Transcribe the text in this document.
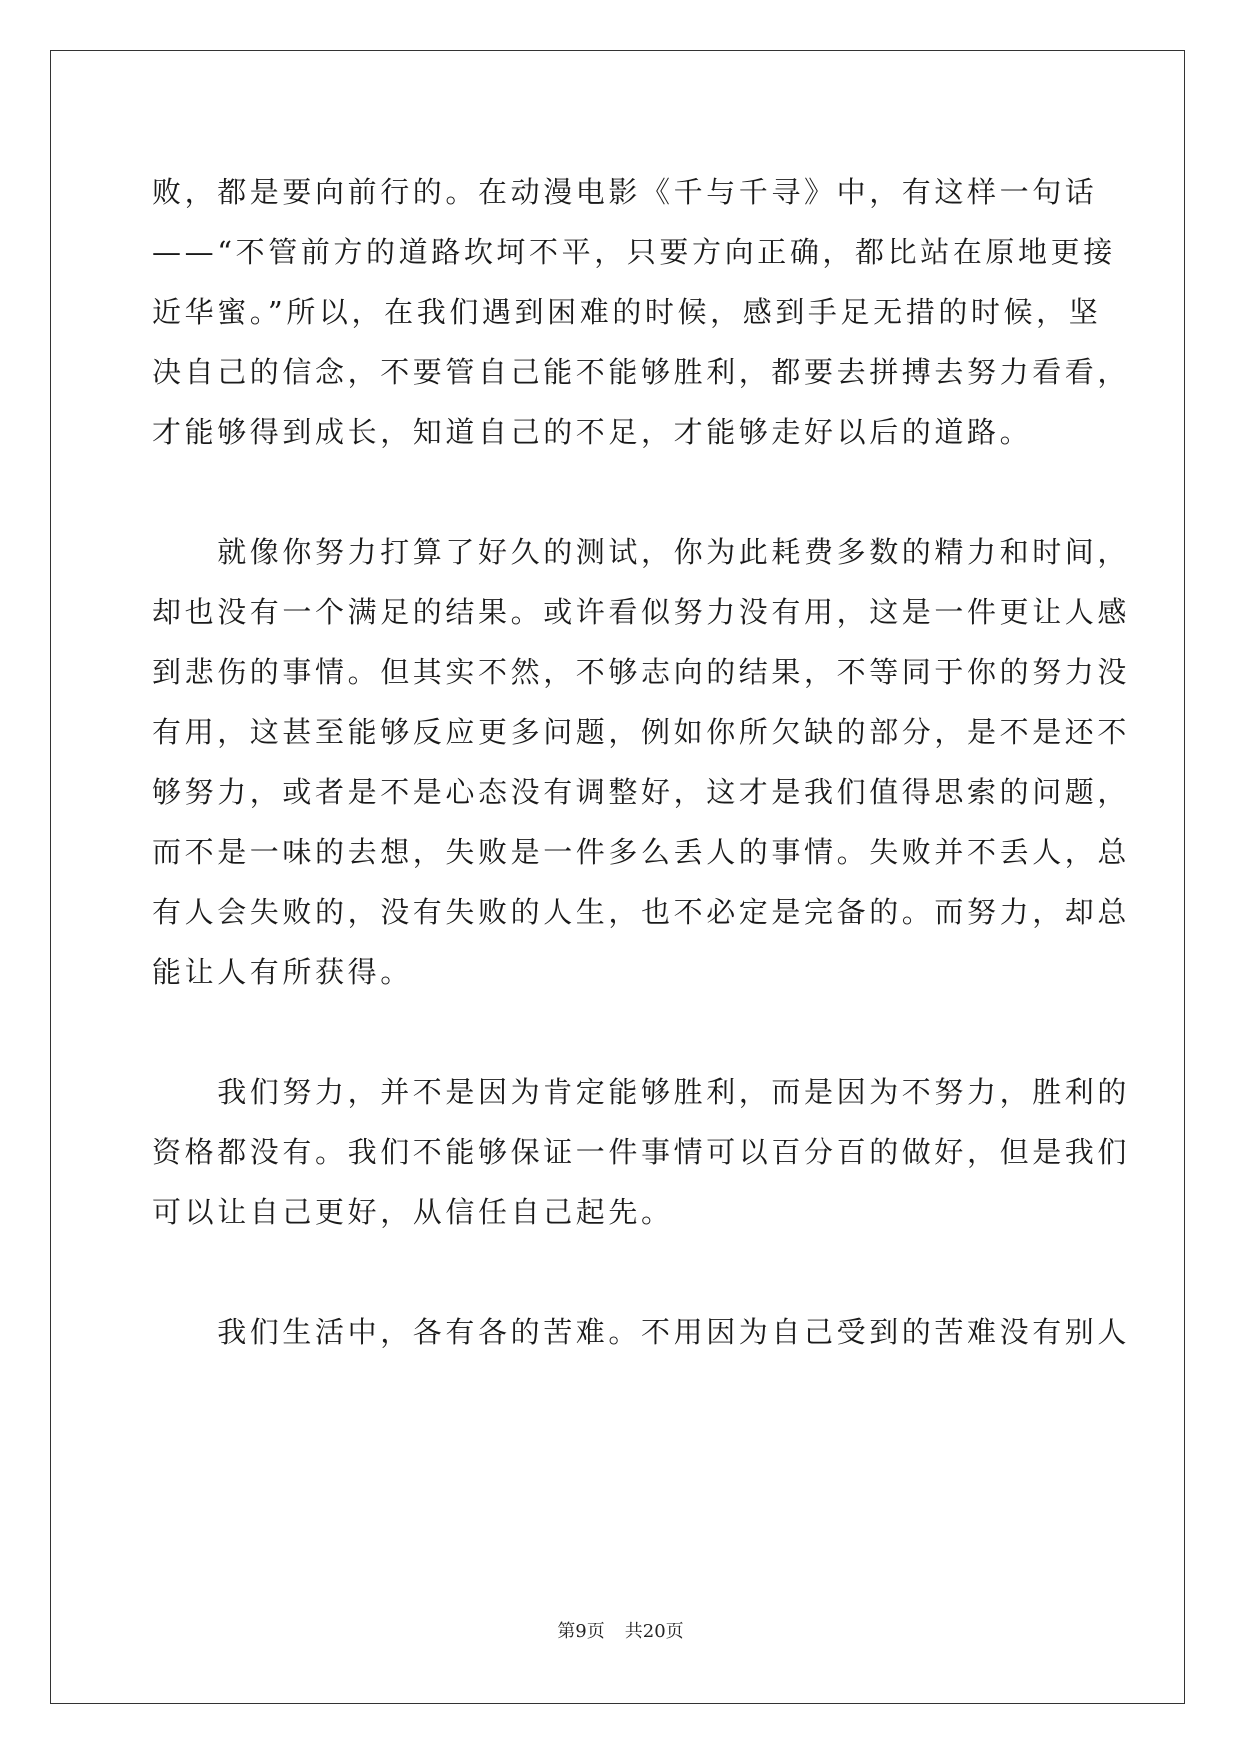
败，都是要向前行的。在动漫电影《千与千寻》中，有这样一句话
——“不管前方的道路坎坷不平，只要方向正确，都比站在原地更接
近华蜜。”所以，在我们遇到困难的时候，感到手足无措的时候，坚
决自己的信念，不要管自己能不能够胜利，都要去拼搏去努力看看，
才能够得到成长，知道自己的不足，才能够走好以后的道路。
　　就像你努力打算了好久的测试，你为此耗费多数的精力和时间，
却也没有一个满足的结果。或许看似努力没有用，这是一件更让人感
到悲伤的事情。但其实不然，不够志向的结果，不等同于你的努力没
有用，这甚至能够反应更多问题，例如你所欠缺的部分，是不是还不
够努力，或者是不是心态没有调整好，这才是我们值得思索的问题，
而不是一味的去想，失败是一件多么丢人的事情。失败并不丢人，总
有人会失败的，没有失败的人生，也不必定是完备的。而努力，却总
能让人有所获得。
　　我们努力，并不是因为肯定能够胜利，而是因为不努力，胜利的
资格都没有。我们不能够保证一件事情可以百分百的做好，但是我们
可以让自己更好，从信任自己起先。
　　我们生活中，各有各的苦难。不用因为自己受到的苦难没有别人
第9页 共20页
